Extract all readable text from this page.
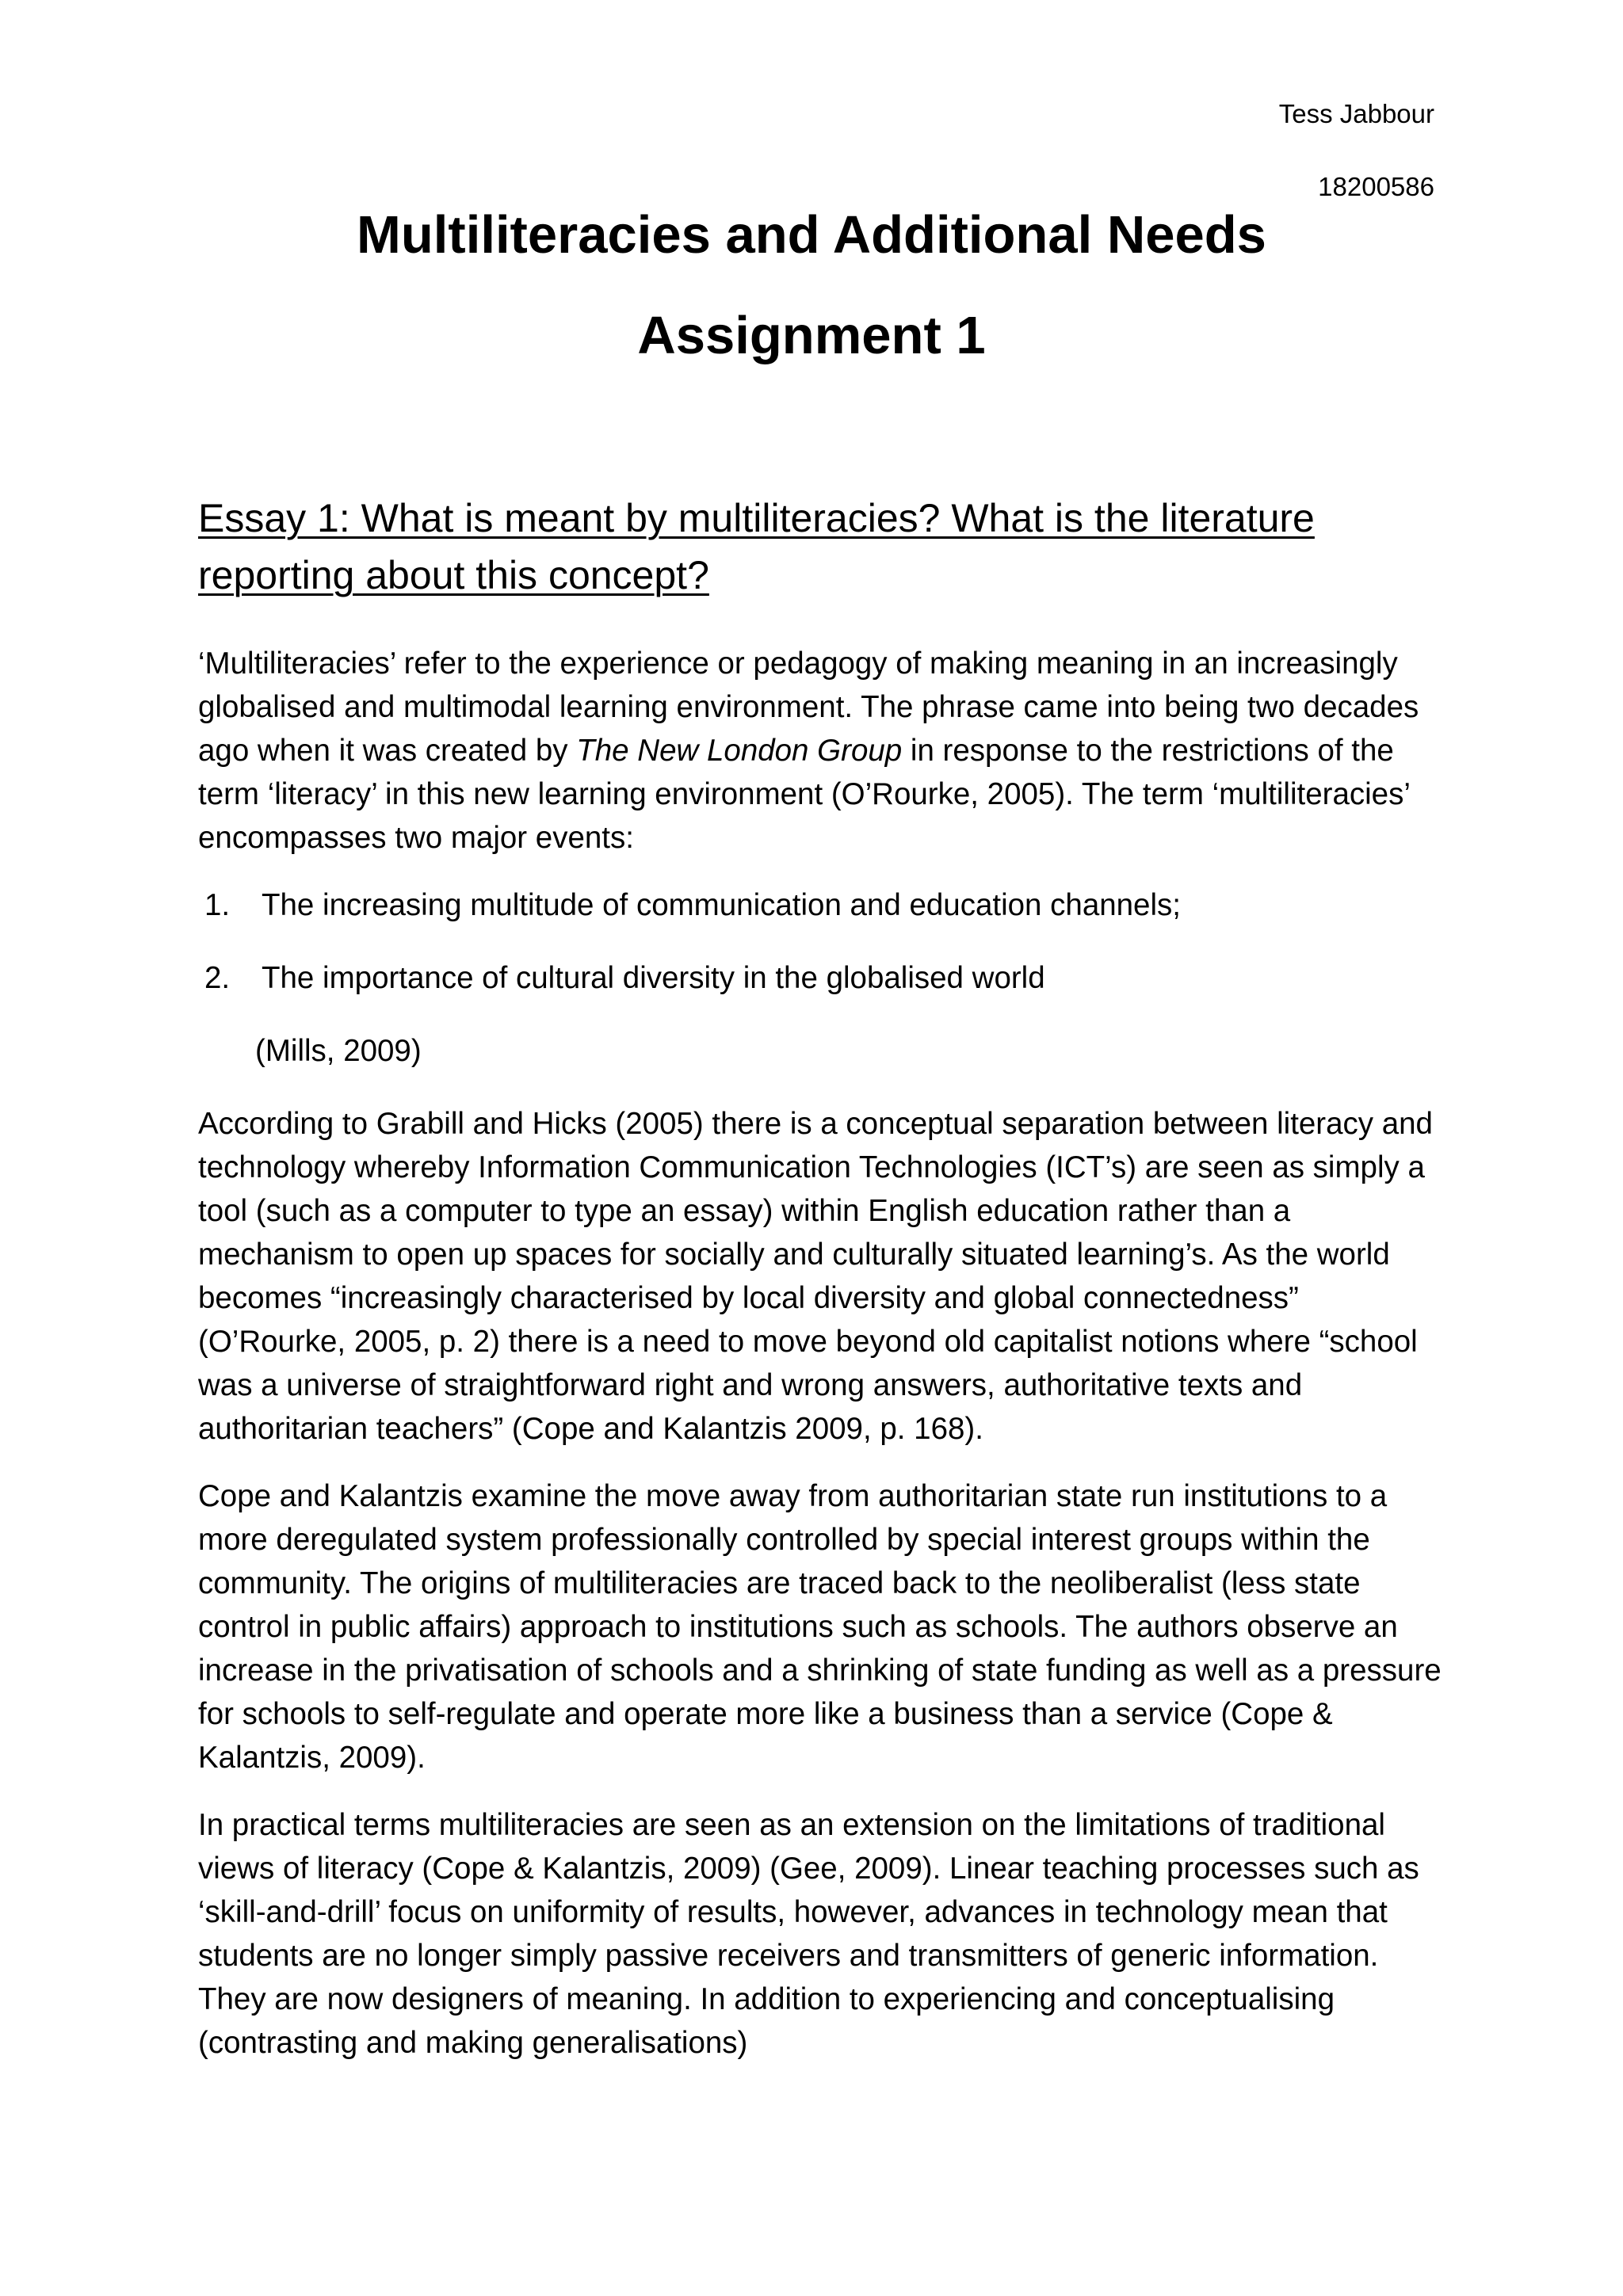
Tess Jabbour
18200586
Multiliteracies and Additional Needs
Assignment 1
Essay 1: What is meant by multiliteracies? What is the literature reporting about this concept?

‘Multiliteracies’ refer to the experience or pedagogy of making meaning in an increasingly globalised and multimodal learning environment. The phrase came into being two decades ago when it was created by The New London Group in response to the restrictions of the term ‘literacy’ in this new learning environment (O’Rourke, 2005). The term ‘multiliteracies’ encompasses two major events:

1.	The increasing multitude of communication and education channels;
2.	The importance of cultural diversity in the globalised world
(Mills, 2009)

According to Grabill and Hicks (2005) there is a conceptual separation between literacy and technology whereby Information Communication Technologies (ICT’s) are seen as simply a tool (such as a computer to type an essay) within English education rather than a mechanism to open up spaces for socially and culturally situated learning’s. As the world becomes “increasingly characterised by local diversity and global connectedness” (O’Rourke, 2005, p. 2) there is a need to move beyond old capitalist notions where “school was a universe of straightforward right and wrong answers, authoritative texts and authoritarian teachers” (Cope and Kalantzis 2009, p. 168).

Cope and Kalantzis examine the move away from authoritarian state run institutions to a more deregulated system professionally controlled by special interest groups within the community. The origins of multiliteracies are traced back to the neoliberalist (less state control in public affairs) approach to institutions such as schools. The authors observe an increase in the privatisation of schools and a shrinking of state funding as well as a pressure for schools to self-regulate and operate more like a business than a service (Cope & Kalantzis, 2009).

In practical terms multiliteracies are seen as an extension on the limitations of traditional views of literacy (Cope & Kalantzis, 2009) (Gee, 2009). Linear teaching processes such as ‘skill-and-drill’ focus on uniformity of results, however, advances in technology mean that students are no longer simply passive receivers and transmitters of generic information. They are now designers of meaning. In addition to experiencing and conceptualising (contrasting and making generalisations)
